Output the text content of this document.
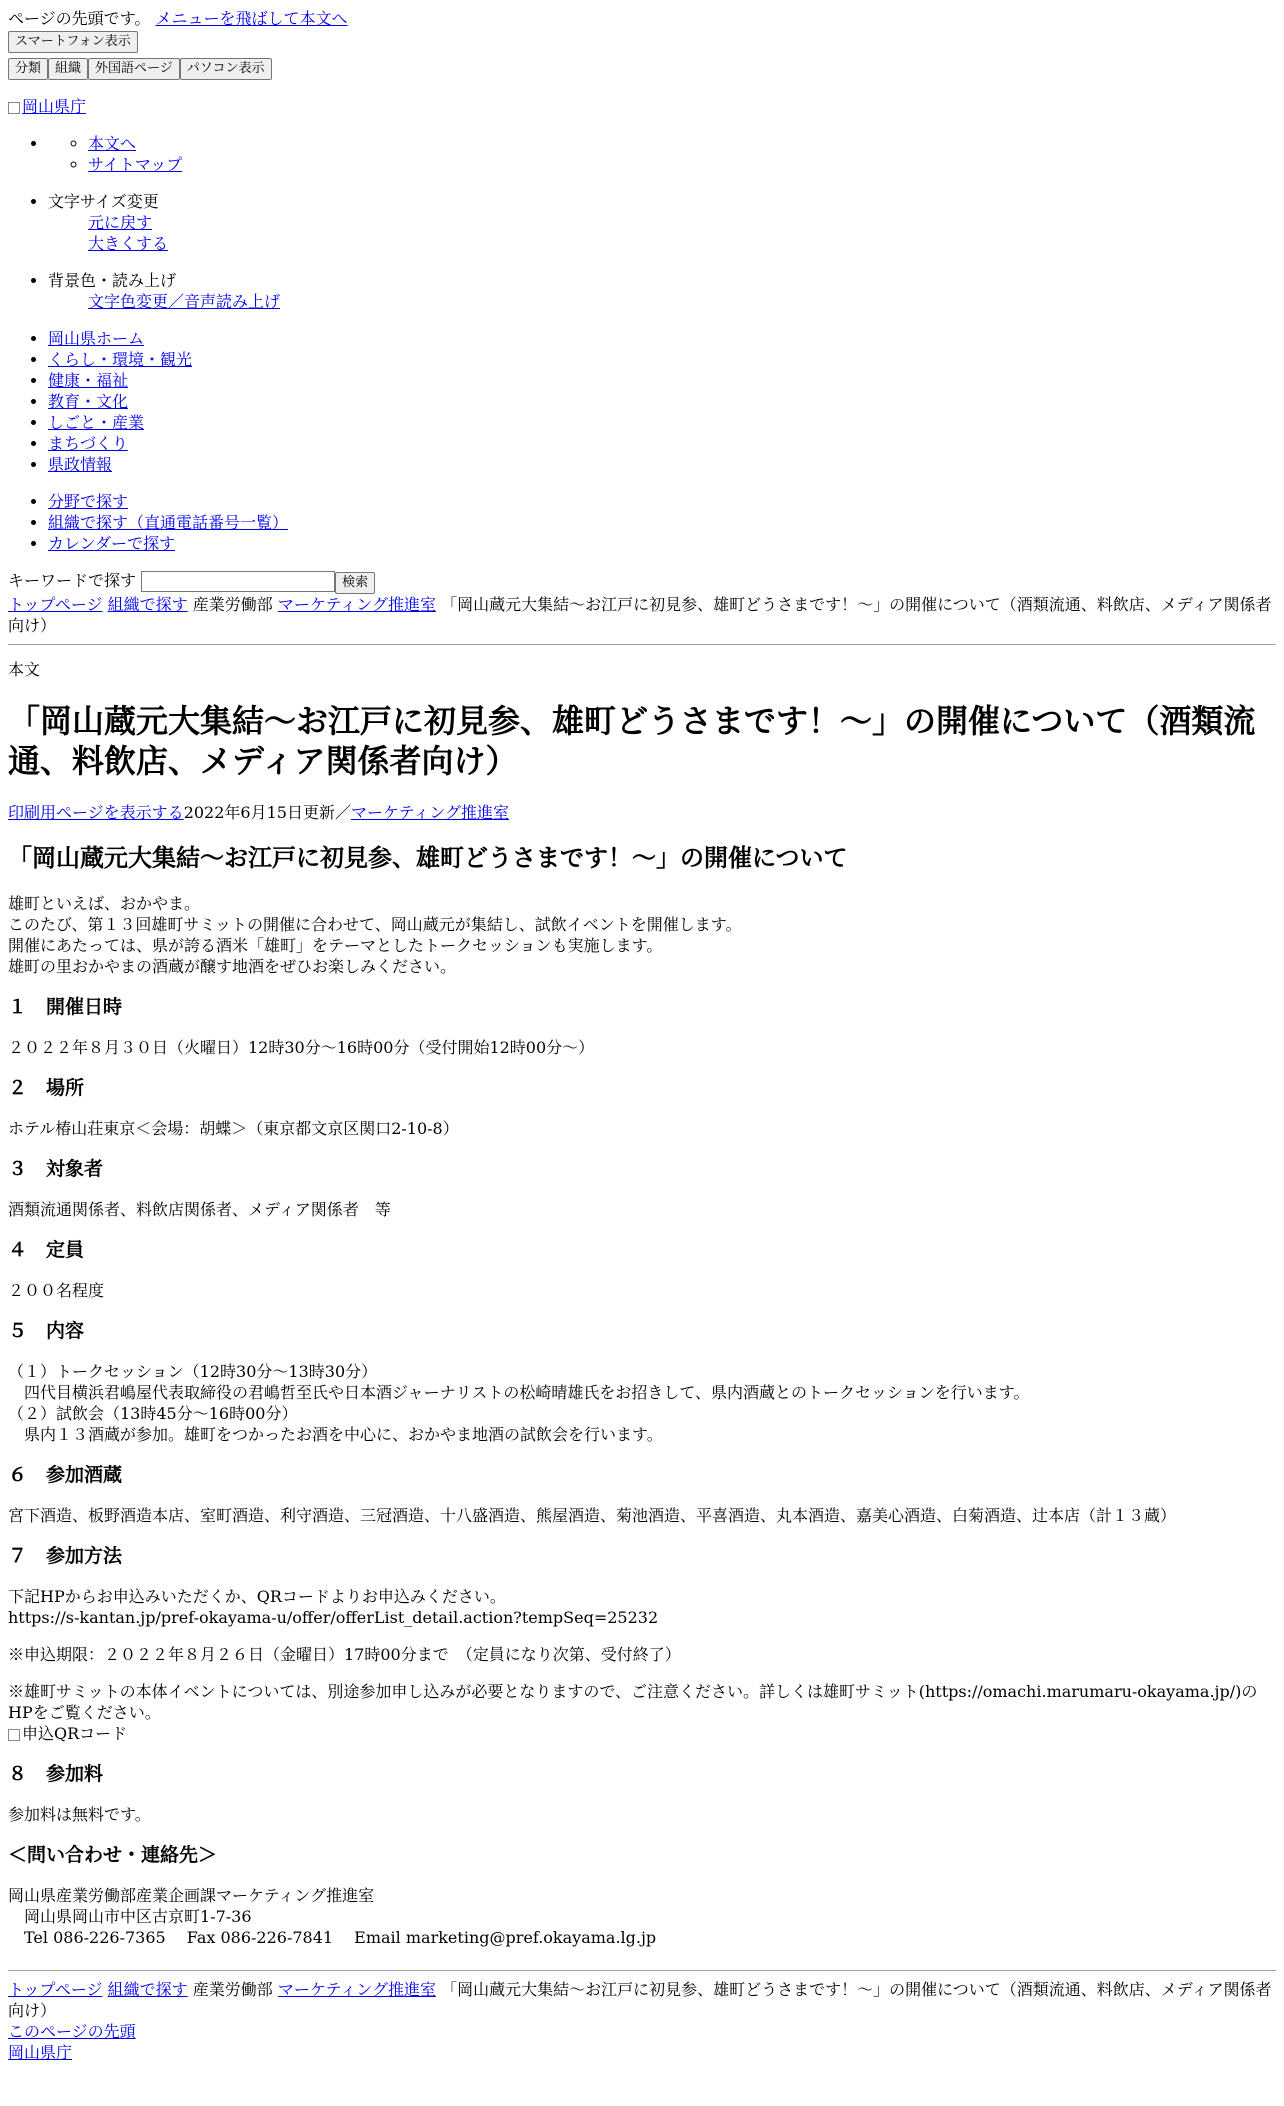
ページの先頭です。 メニューを飛ばして本文へ
スマートフォン表示
分類 組織 外国語ページ パソコン表示
岡山県庁
◦ • 本文へ
◦ サイトマップ
• 文字サイズ変更
元に戻す
大きくする
• 背景色・読み上げ
文字色変更／音声読み上げ
• 岡山県ホーム
• くらし・環境・観光
• 健康・福祉
• 教育・文化
• しごと・産業
• まちづくり
• 県政情報
• 分野で探す
• 組織で探す（直通電話番号一覧）
• カレンダーで探す
キーワードで探す	検索
トップページ 組織で探す 産業労働部 マーケティング推進室 「岡山蔵元大集結～お江戸に初見参、雄町どうさまです！～」の開催について（酒類流通、料飲店、メディア関係者向け）

本文

「岡山蔵元大集結～お江戸に初見参、雄町どうさまです！～」の開催について（酒類流通、料飲店、メディア関係者向け）

印刷用ページを表示する2022年6月15日更新／マーケティング推進室

「岡山蔵元大集結～お江戸に初見参、雄町どうさまです！～」の開催について

雄町といえば、おかやま。
このたび、第１３回雄町サミットの開催に合わせて、岡山蔵元が集結し、試飲イベントを開催します。
開催にあたっては、県が誇る酒米「雄町」をテーマとしたトークセッションも実施します。
雄町の里おかやまの酒蔵が醸す地酒をぜひお楽しみください。

１　開催日時

２０２２年８月３０日（火曜日）12時30分～16時00分（受付開始12時00分～）

２　場所

ホテル椿山荘東京＜会場：胡蝶＞（東京都文京区関口2-10-8）

３　対象者

酒類流通関係者、料飲店関係者、メディア関係者　等

４　定員

２００名程度

５　内容

（１）トークセッション（12時30分～13時30分）
　四代目横浜君嶋屋代表取締役の君嶋哲至氏や日本酒ジャーナリストの松崎晴雄氏をお招きして、県内酒蔵とのトークセッションを行います。
（２）試飲会（13時45分～16時00分）
　県内１３酒蔵が参加。雄町をつかったお酒を中心に、おかやま地酒の試飲会を行います。

６　参加酒蔵

宮下酒造、板野酒造本店、室町酒造、利守酒造、三冠酒造、十八盛酒造、熊屋酒造、菊池酒造、平喜酒造、丸本酒造、嘉美心酒造、白菊酒造、辻本店（計１３蔵）

７　参加方法

下記HPからお申込みいただくか、QRコードよりお申込みください。
https://s-kantan.jp/pref-okayama-u/offer/offerList_detail.action?tempSeq=25232

※申込期限：２０２２年８月２６日（金曜日）17時00分まで　（定員になり次第、受付終了）

※雄町サミットの本体イベントについては、別途参加申し込みが必要となりますので、ご注意ください。詳しくは雄町サミット(https://omachi.marumaru-okayama.jp/)のHPをご覧ください。

申込QRコード
８　参加料

参加料は無料です。

＜問い合わせ・連絡先＞

岡山県産業労働部産業企画課マーケティング推進室
　岡山県岡山市中区古京町1-7-36
　Tel 086-226-7365　 Fax 086-226-7841　 Email marketing@pref.okayama.lg.jp

トップページ 組織で探す 産業労働部 マーケティング推進室 「岡山蔵元大集結～お江戸に初見参、雄町どうさまです！～」の開催について（酒類流通、料飲店、メディア関係者向け）
このページの先頭
岡山県庁
